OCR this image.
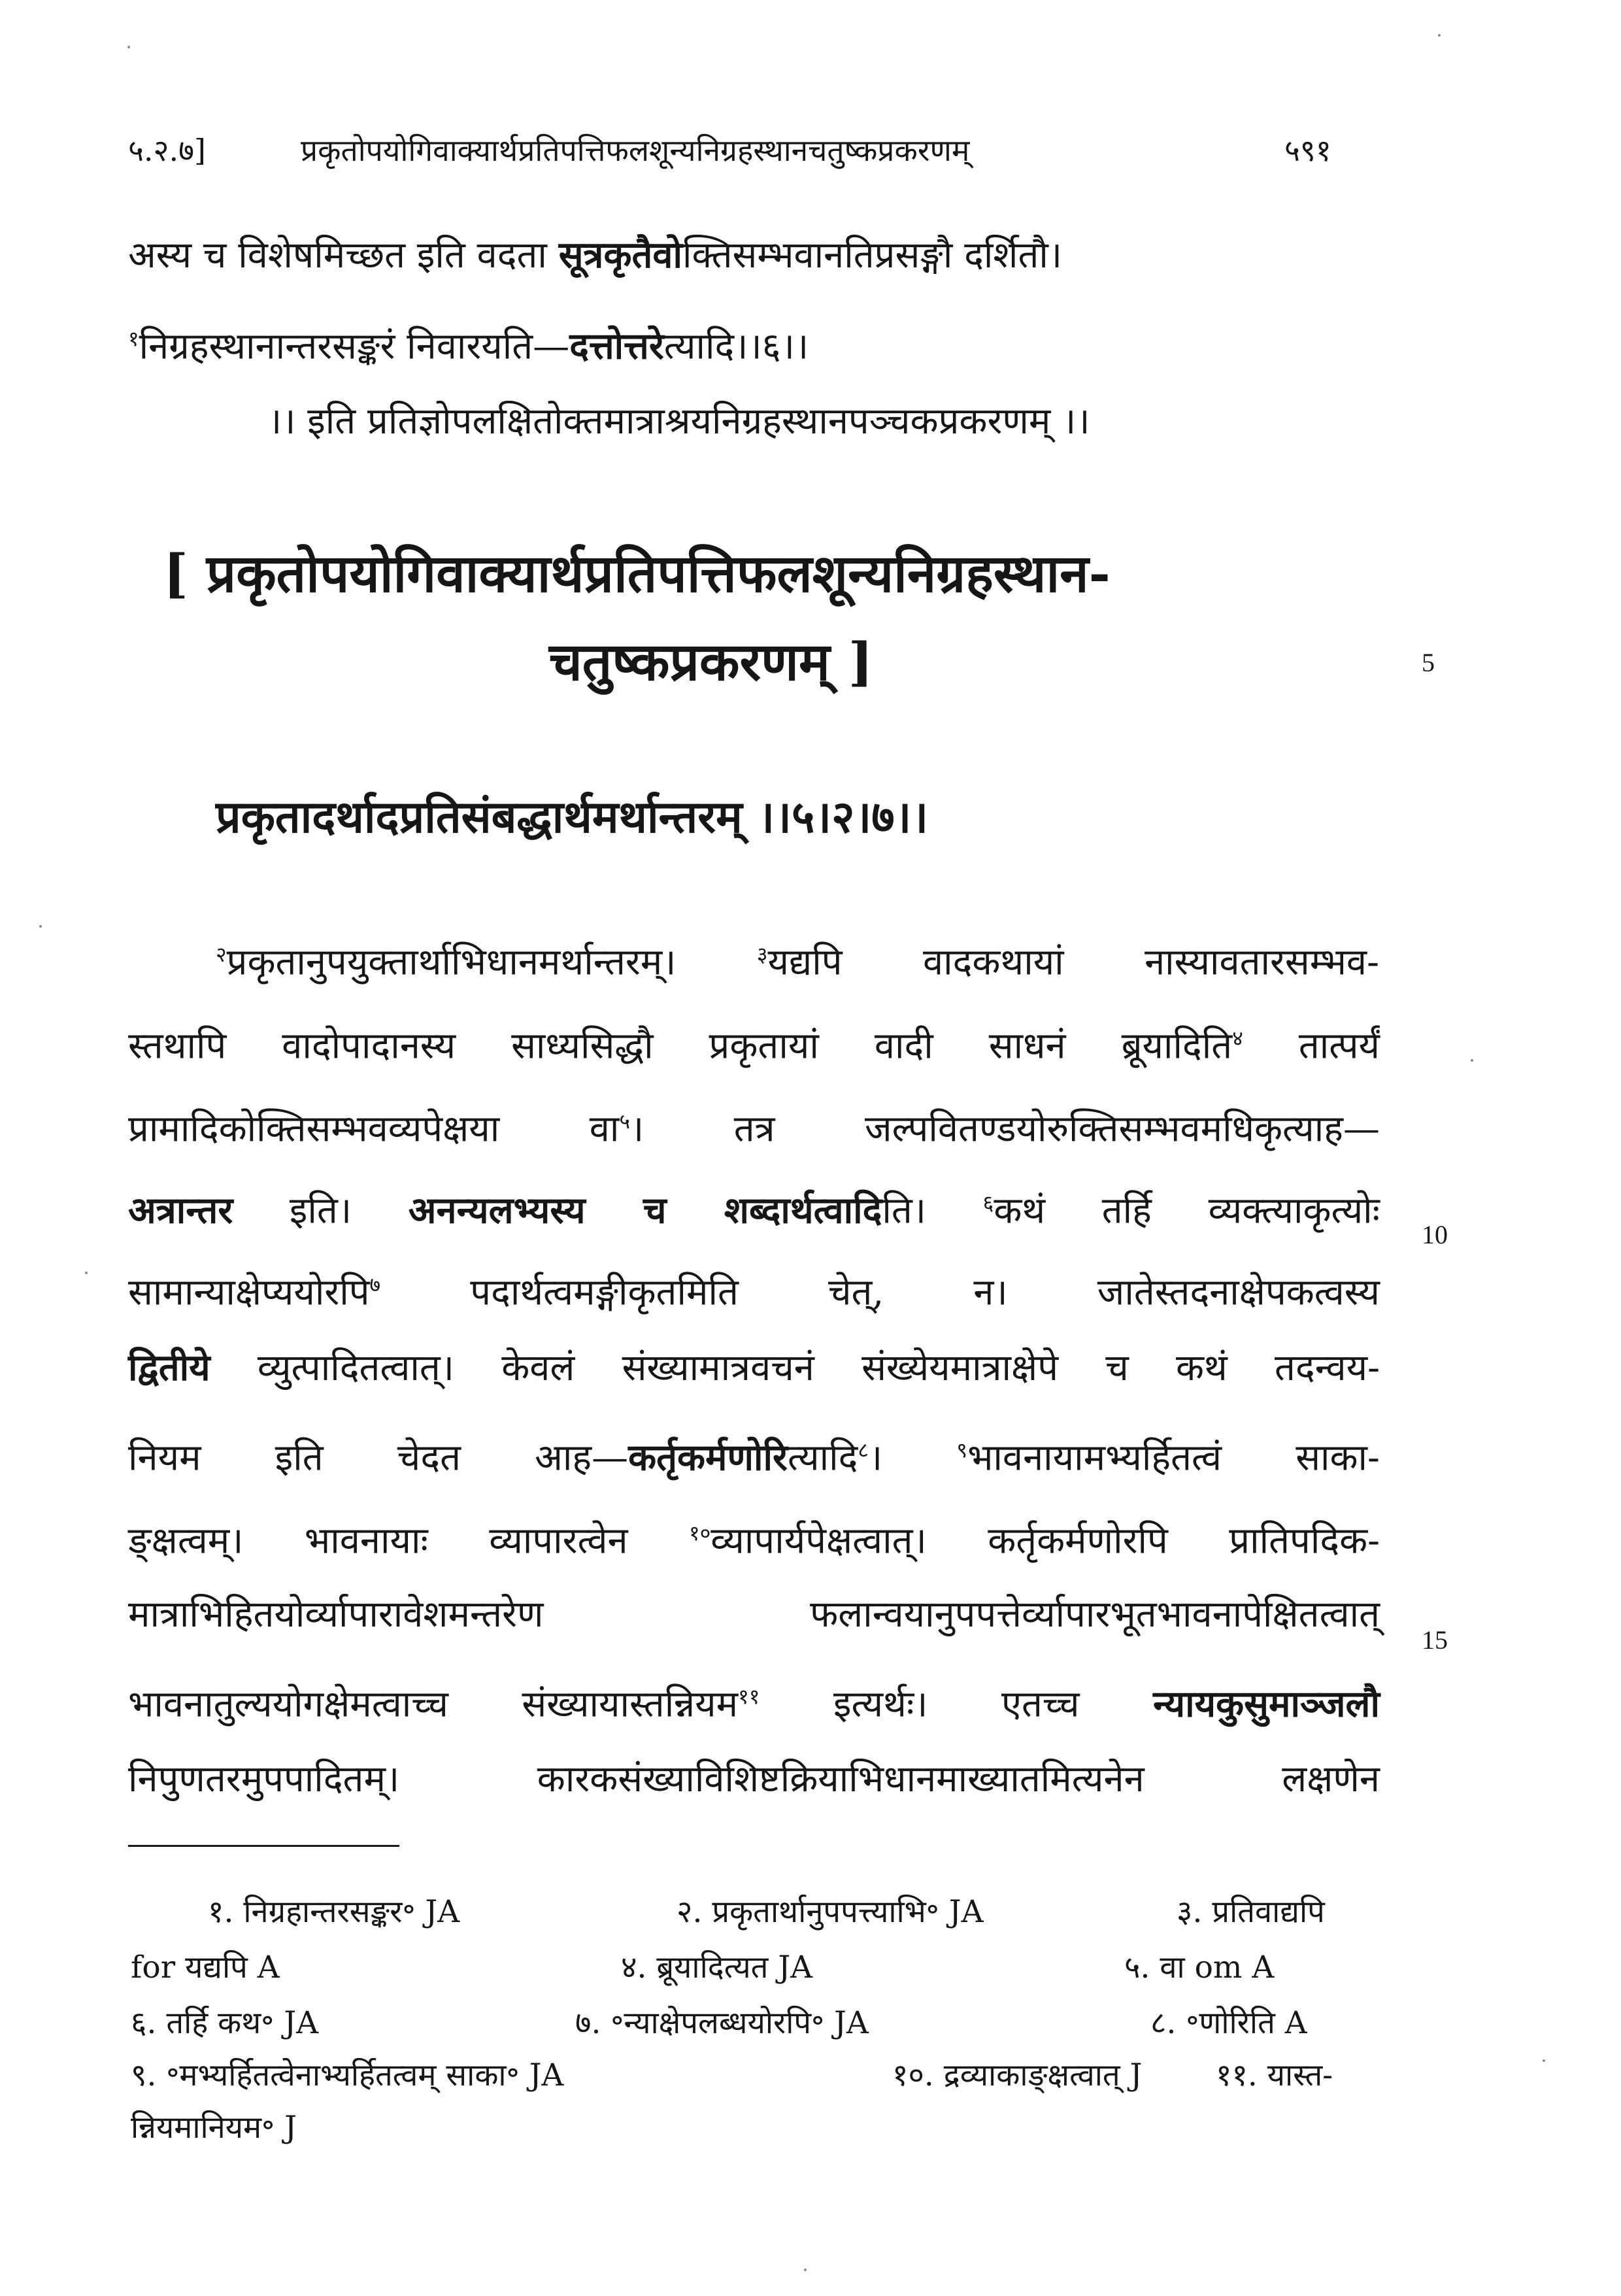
५.२.७]	प्रकृतोपयोगिवाक्यार्थप्रतिपत्तिफलशून्यनिग्रहस्थानचतुष्कप्रकरणम्	५९१
अस्य च विशेषमिच्छत इति वदता सूत्रकृतैवोक्तिसम्भवानतिप्रसङ्गौ दर्शितौ।
$^१$निग्रहस्थानान्तरसङ्करं निवारयति—दत्तोत्तरेत्यादि।।६।।
।। इति प्रतिज्ञोपलक्षितोक्तमात्राश्रयनिग्रहस्थानपञ्चकप्रकरणम् ।।
[ प्रकृतोपयोगिवाक्यार्थप्रतिपत्तिफलशून्यनिग्रहस्थान-
चतुष्कप्रकरणम् ]
प्रकृतादर्थादप्रतिसंबद्धार्थमर्थान्तरम् ।।५।२।७।।
$^२$प्रकृतानुपयुक्तार्थाभिधानमर्थान्तरम्। $^३$यद्यपि वादकथायां नास्यावतारसम्भव-
स्तथापि वादोपादानस्य साध्यसिद्धौ प्रकृतायां वादी साधनं ब्रूयादिति$^४$ तात्पर्यं
प्रामादिकोक्तिसम्भवव्यपेक्षया वा$^५$। तत्र जल्पवितण्डयोरुक्तिसम्भवमधिकृत्याह—
अत्रान्तर इति। अनन्यलभ्यस्य च शब्दार्थत्वादिति। $^६$कथं तर्हि व्यक्त्याकृत्योः
सामान्याक्षेप्ययोरपि$^७$ पदार्थत्वमङ्गीकृतमिति चेत्, न। जातेस्तदनाक्षेपकत्वस्य
द्वितीये व्युत्पादितत्वात्। केवलं संख्यामात्रवचनं संख्येयमात्राक्षेपे च कथं तदन्वय-
नियम इति चेदत आह—कर्तृकर्मणोरित्यादि$^८$। $^९$भावनायामभ्यर्हितत्वं साका-
ङ्क्षत्वम्। भावनायाः व्यापारत्वेन $^{१०}$व्यापार्यपेक्षत्वात्। कर्तृकर्मणोरपि प्रातिपदिक-
मात्राभिहितयोर्व्यापारावेशमन्तरेण फलान्वयानुपपत्तेर्व्यापारभूतभावनापेक्षितत्वात्
भावनातुल्ययोगक्षेमत्वाच्च संख्यायास्तन्नियम$^{११}$ इत्यर्थः। एतच्च न्यायकुसुमाञ्जलौ
निपुणतरमुपपादितम्। कारकसंख्याविशिष्टक्रियाभिधानमाख्यातमित्यनेन लक्षणेन
5
10
15
१. निग्रहान्तरसङ्कर॰ JA	२. प्रकृतार्थानुपपत्त्याभि॰ JA	३. प्रतिवाद्यपि
for यद्यपि A	४. ब्रूयादित्यत JA	५. वा om A
६. तर्हि कथ॰ JA	७. ॰न्याक्षेपलब्धयोरपि॰ JA	८. ॰णोरिति A
९. ॰मभ्यर्हितत्वेनाभ्यर्हितत्वम् साका॰ JA	१०. द्रव्याकाङ्क्षत्वात् J ११. यास्त-
न्नियमानियम॰ J
